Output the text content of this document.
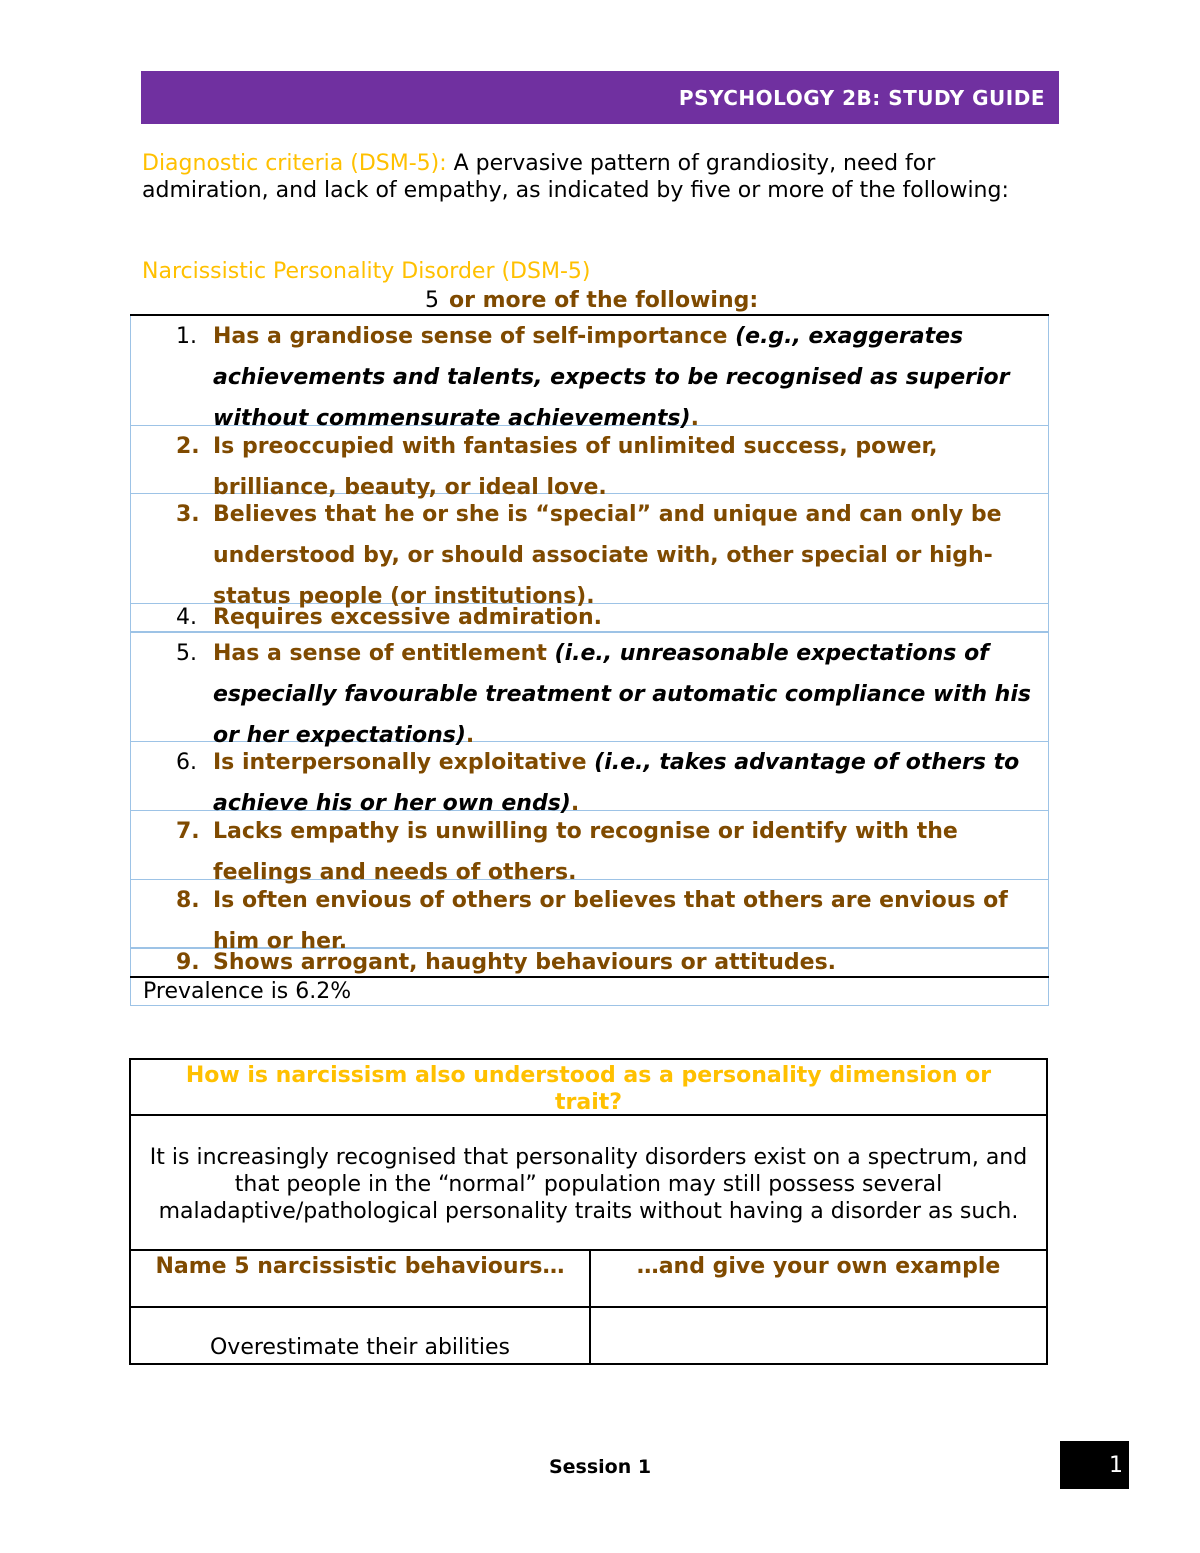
PSYCHOLOGY 2B: STUDY GUIDE
Diagnostic criteria (DSM-5): A pervasive pattern of grandiosity, need for admiration, and lack of empathy, as indicated by five or more of the following:
Narcissistic Personality Disorder (DSM-5)
5 or more of the following:
1. Has a grandiose sense of self-importance (e.g., exaggerates achievements and talents, expects to be recognised as superior without commensurate achievements).

2. Is preoccupied with fantasies of unlimited success, power, brilliance, beauty, or ideal love.

3. Believes that he or she is “special” and unique and can only be understood by, or should associate with, other special or high-status people (or institutions).

4. Requires excessive admiration.

5. Has a sense of entitlement (i.e., unreasonable expectations of especially favourable treatment or automatic compliance with his or her expectations).

6. Is interpersonally exploitative (i.e., takes advantage of others to achieve his or her own ends).

7. Lacks empathy is unwilling to recognise or identify with the feelings and needs of others.

8. Is often envious of others or believes that others are envious of him or her.

9. Shows arrogant, haughty behaviours or attitudes.

Prevalence is 6.2%
How is narcissism also understood as a personality dimension or trait?	

It is increasingly recognised that personality disorders exist on a spectrum, and that people in the “normal” population may still possess several maladaptive/pathological personality traits without having a disorder as such.	

Name 5 narcissistic behaviours…	…and give your own example

Overestimate their abilities	

Session 1	1
